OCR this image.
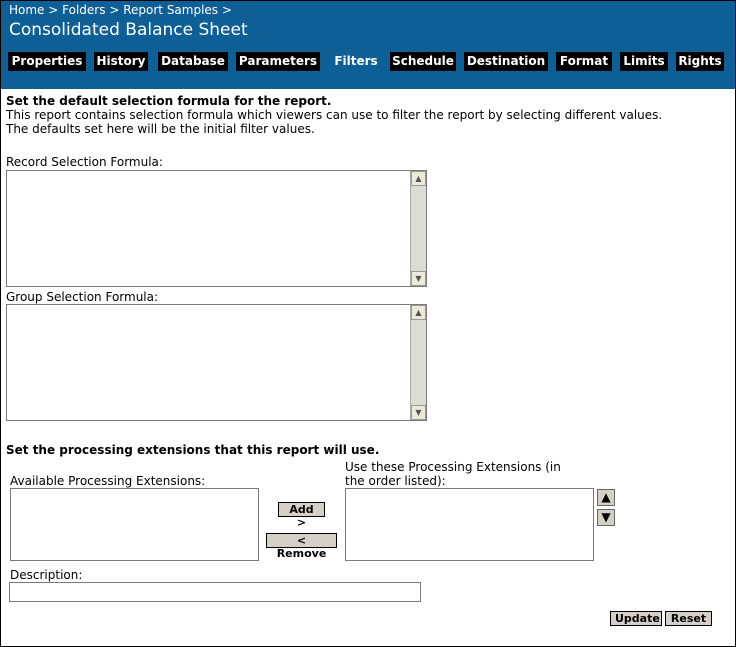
Home > Folders > Report Samples >
Consolidated Balance Sheet
Properties	History Database Parameters	Filters	Schedule Destination	Format	Limits Rights
Set the default selection formula for the report.
This report contains selection formula which viewers can use to filter the report by selecting different values.
The defaults set here will be the initial filter values.
Record Selection Formula:
▲
▼
Group Selection Formula:
▲
▼
Set the processing extensions that this report will use.
Available Processing Extensions:
Add >
< Remove
Use these Processing Extensions (in
the order listed):
▲
▼
Description:
Update	Reset
